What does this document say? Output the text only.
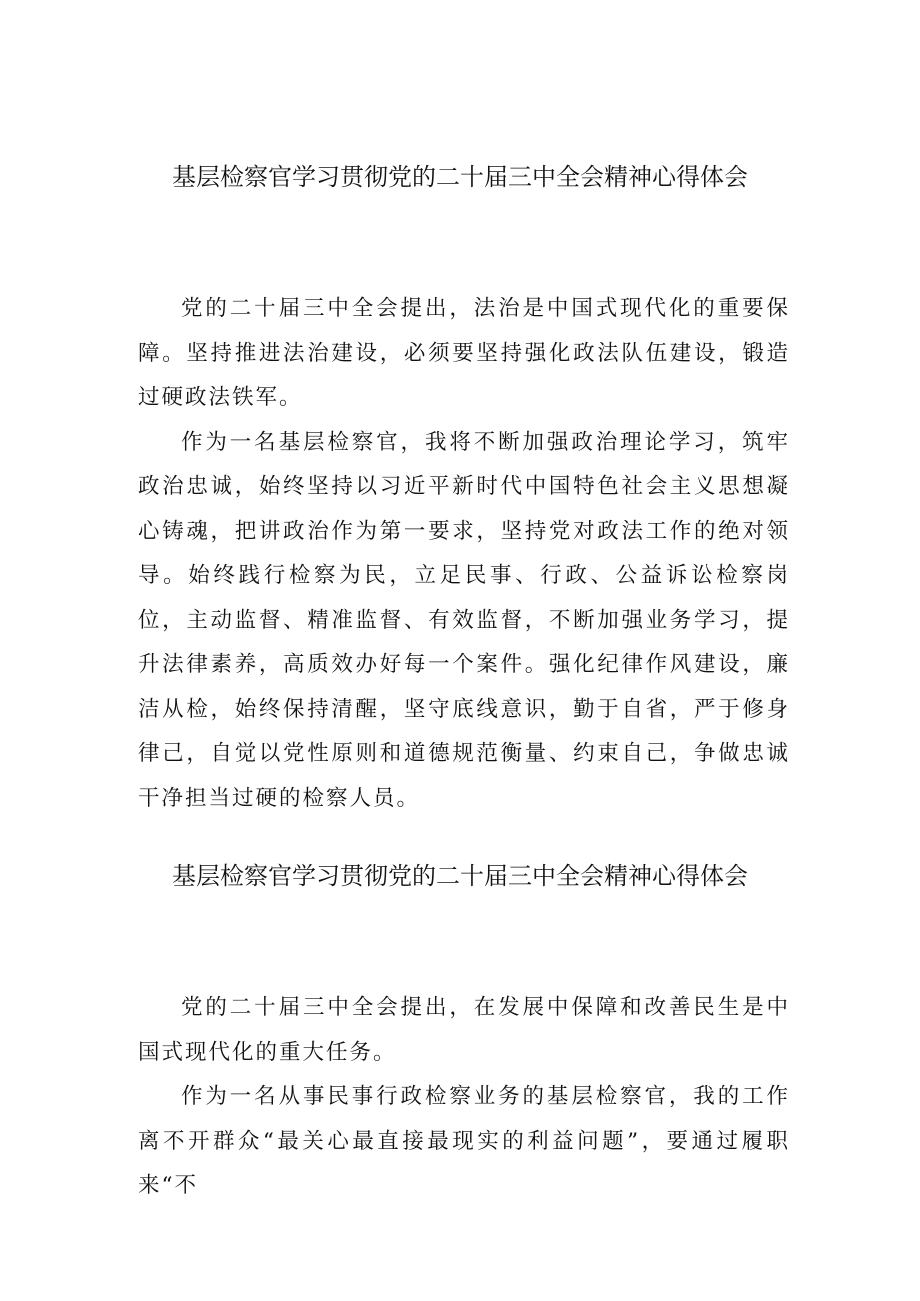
基层检察官学习贯彻党的二十届三中全会精神心得体会

党的二十届三中全会提出，法治是中国式现代化的重要保障。坚持推进法治建设，必须要坚持强化政法队伍建设，锻造过硬政法铁军。

作为一名基层检察官，我将不断加强政治理论学习，筑牢政治忠诚，始终坚持以习近平新时代中国特色社会主义思想凝心铸魂，把讲政治作为第一要求，坚持党对政法工作的绝对领导。始终践行检察为民，立足民事、行政、公益诉讼检察岗位，主动监督、精准监督、有效监督，不断加强业务学习，提升法律素养，高质效办好每一个案件。强化纪律作风建设，廉洁从检，始终保持清醒，坚守底线意识，勤于自省，严于修身律己，自觉以党性原则和道德规范衡量、约束自己，争做忠诚干净担当过硬的检察人员。

基层检察官学习贯彻党的二十届三中全会精神心得体会

党的二十届三中全会提出，在发展中保障和改善民生是中国式现代化的重大任务。

作为一名从事民事行政检察业务的基层检察官，我的工作离不开群众“最关心最直接最现实的利益问题”，要通过履职来“不
